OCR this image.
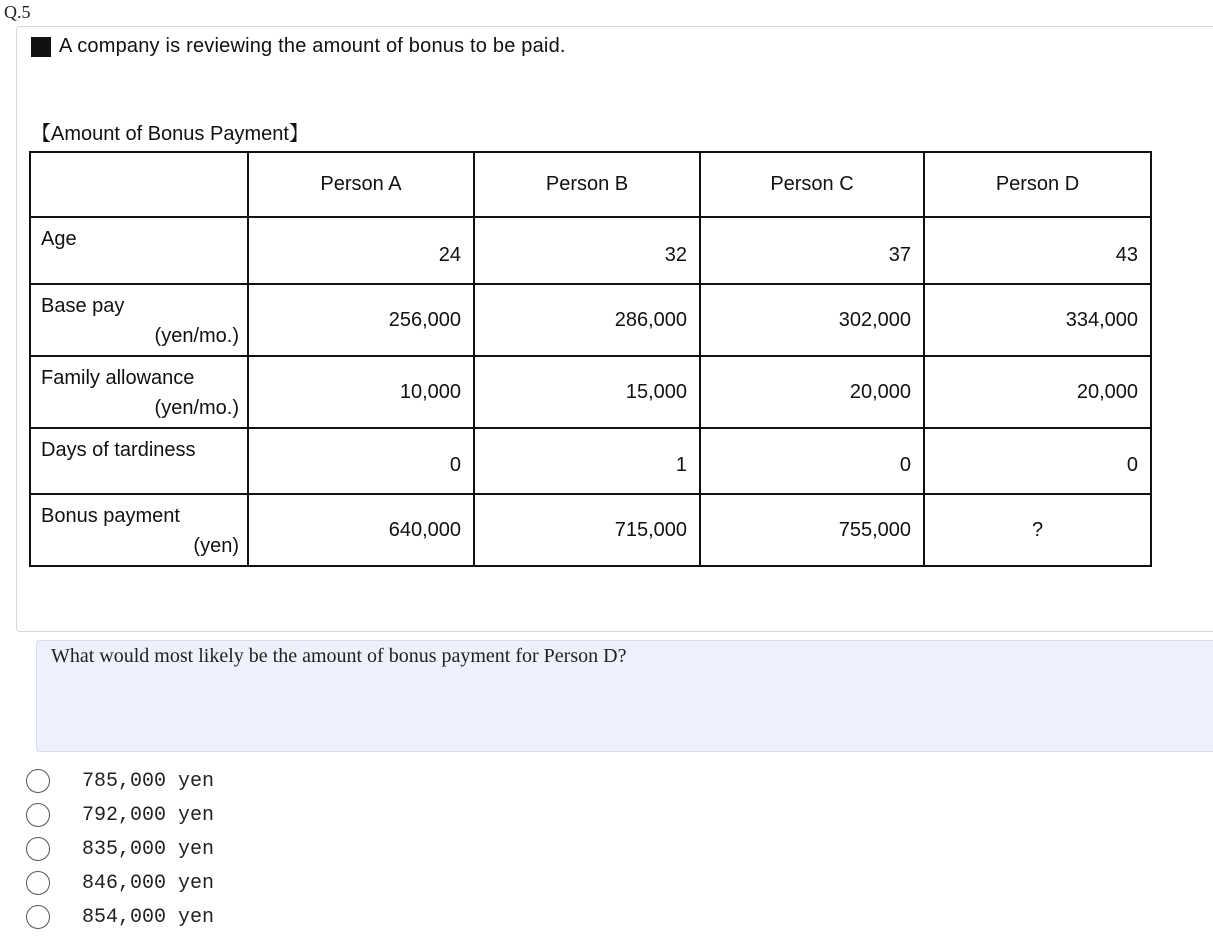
Q.5
A company is reviewing the amount of bonus to be paid.
【Amount of Bonus Payment】
	Person A	Person B	Person C	Person D
Age	24	32	37	43
Base pay
(yen/mo.)	256,000	286,000	302,000	334,000
Family allowance
(yen/mo.)	10,000	15,000	20,000	20,000
Days of tardiness	0	1	0	0
Bonus payment
(yen)	640,000	715,000	755,000	?
What would most likely be the amount of bonus payment for Person D?
785,000 yen
792,000 yen
835,000 yen
846,000 yen
854,000 yen
